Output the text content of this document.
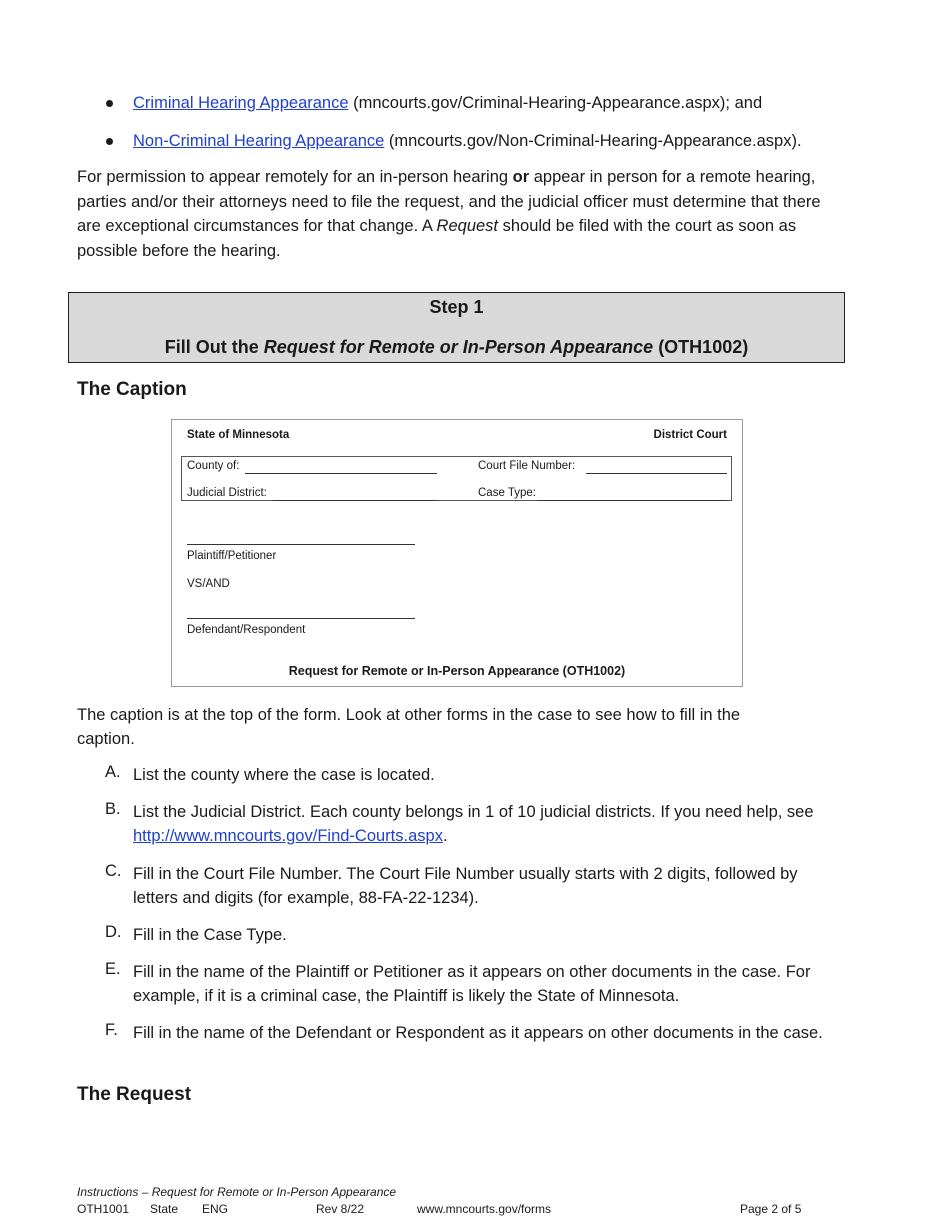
Criminal Hearing Appearance (mncourts.gov/Criminal-Hearing-Appearance.aspx); and
Non-Criminal Hearing Appearance (mncourts.gov/Non-Criminal-Hearing-Appearance.aspx).
For permission to appear remotely for an in-person hearing or appear in person for a remote hearing, parties and/or their attorneys need to file the request, and the judicial officer must determine that there are exceptional circumstances for that change. A Request should be filed with the court as soon as possible before the hearing.
Step 1
Fill Out the Request for Remote or In-Person Appearance (OTH1002)
The Caption
State of Minnesota	District Court
County of:	Court File Number:
Judicial District:	Case Type:
Plaintiff/Petitioner
VS/AND
Defendant/Respondent
Request for Remote or In-Person Appearance (OTH1002)
The caption is at the top of the form. Look at other forms in the case to see how to fill in the caption.
A. List the county where the case is located.
B. List the Judicial District. Each county belongs in 1 of 10 judicial districts. If you need help, see http://www.mncourts.gov/Find-Courts.aspx.
C. Fill in the Court File Number. The Court File Number usually starts with 2 digits, followed by letters and digits (for example, 88-FA-22-1234).
D. Fill in the Case Type.
E. Fill in the name of the Plaintiff or Petitioner as it appears on other documents in the case. For example, if it is a criminal case, the Plaintiff is likely the State of Minnesota.
F. Fill in the name of the Defendant or Respondent as it appears on other documents in the case.
The Request
Instructions – Request for Remote or In-Person Appearance
OTH1001 State ENG	Rev 8/22	www.mncourts.gov/forms	Page 2 of 5
